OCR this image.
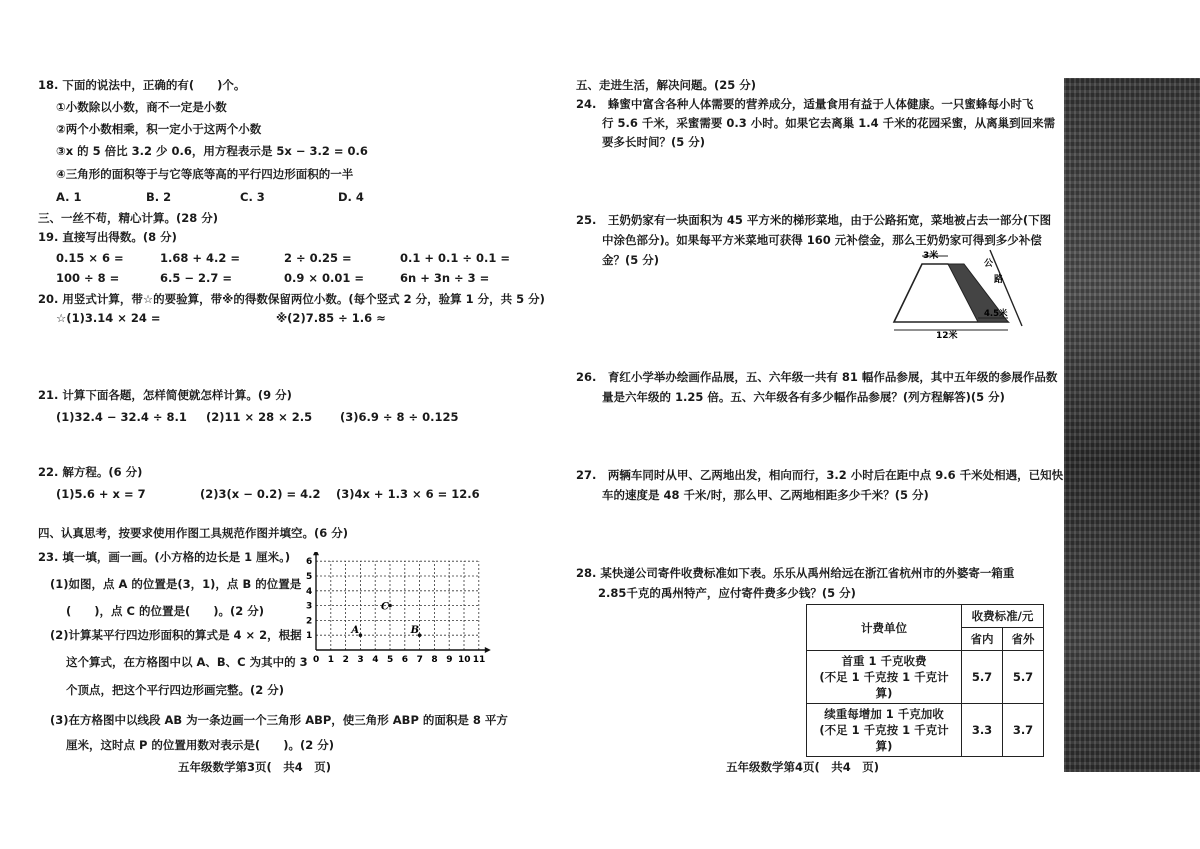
18. 下面的说法中，正确的有(　　)个。
①小数除以小数，商不一定是小数
②两个小数相乘，积一定小于这两个小数
③x 的 5 倍比 3.2 少 0.6，用方程表示是 5x − 3.2 = 0.6
④三角形的面积等于与它等底等高的平行四边形面积的一半
A. 1	B. 2	C. 3	D. 4
三、一丝不苟，精心计算。(28 分)
19. 直接写出得数。(8 分)
0.15 × 6 =	1.68 + 4.2 =	2 ÷ 0.25 =	0.1 + 0.1 ÷ 0.1 =
100 ÷ 8 =	6.5 − 2.7 =	0.9 × 0.01 =	6n + 3n ÷ 3 =
20. 用竖式计算，带☆的要验算，带※的得数保留两位小数。(每个竖式 2 分，验算 1 分，共 5 分)
☆(1)3.14 × 24 =	※(2)7.85 ÷ 1.6 ≈
21. 计算下面各题，怎样简便就怎样计算。(9 分)
(1)32.4 − 32.4 ÷ 8.1 (2)11 × 28 × 2.5 (3)6.9 ÷ 8 ÷ 0.125
22. 解方程。(6 分)
(1)5.6 + x = 7	(2)3(x − 0.2) = 4.2 (3)4x + 1.3 × 6 = 12.6
四、认真思考，按要求使用作图工具规范作图并填空。(6 分)
23. 填一填，画一画。(小方格的边长是 1 厘米。)
(1)如图，点 A 的位置是(3，1)，点 B 的位置是
(　　)，点 C 的位置是(　　)。(2 分)
(2)计算某平行四边形面积的算式是 4 × 2，根据
这个算式，在方格图中以 A、B、C 为其中的 3
个顶点，把这个平行四边形画完整。(2 分)
(3)在方格图中以线段 AB 为一条边画一个三角形 ABP，使三角形 ABP 的面积是 8 平方
厘米，这时点 P 的位置用数对表示是(　　)。(2 分)
0 1 2 3 4 5 6 7 8 9 10 11
1
2
3
4
5
6
A	B
C
五年级数学第3页(　共4　页)
五、走进生活，解决问题。(25 分)
24.　蜂蜜中富含各种人体需要的营养成分，适量食用有益于人体健康。一只蜜蜂每小时飞
行 5.6 千米，采蜜需要 0.3 小时。如果它去离巢 1.4 千米的花园采蜜，从离巢到回来需
要多长时间？(5 分)
25.　王奶奶家有一块面积为 45 平方米的梯形菜地，由于公路拓宽，菜地被占去一部分(下图
中涂色部分)。如果每平方米菜地可获得 160 元补偿金，那么王奶奶家可得到多少补偿
金？(5 分)	3米
12米
4.5米
公
路
26.　育红小学举办绘画作品展，五、六年级一共有 81 幅作品参展，其中五年级的参展作品数
量是六年级的 1.25 倍。五、六年级各有多少幅作品参展？(列方程解答)(5 分)
27.　两辆车同时从甲、乙两地出发，相向而行，3.2 小时后在距中点 9.6 千米处相遇，已知快
车的速度是 48 千米/时，那么甲、乙两地相距多少千米？(5 分)
28. 某快递公司寄件收费标准如下表。乐乐从禹州给远在浙江省杭州市的外婆寄一箱重
2.85千克的禹州特产，应付寄件费多少钱？(5 分)
五年级数学第4页(　共4　页)
计费单位	收费标准/元	
	省内	省外

首重 1 千克收费
(不足 1 千克按 1 千克计算)	5.7	5.7

续重每增加 1 千克加收
(不足 1 千克按 1 千克计算)	3.3	3.7
